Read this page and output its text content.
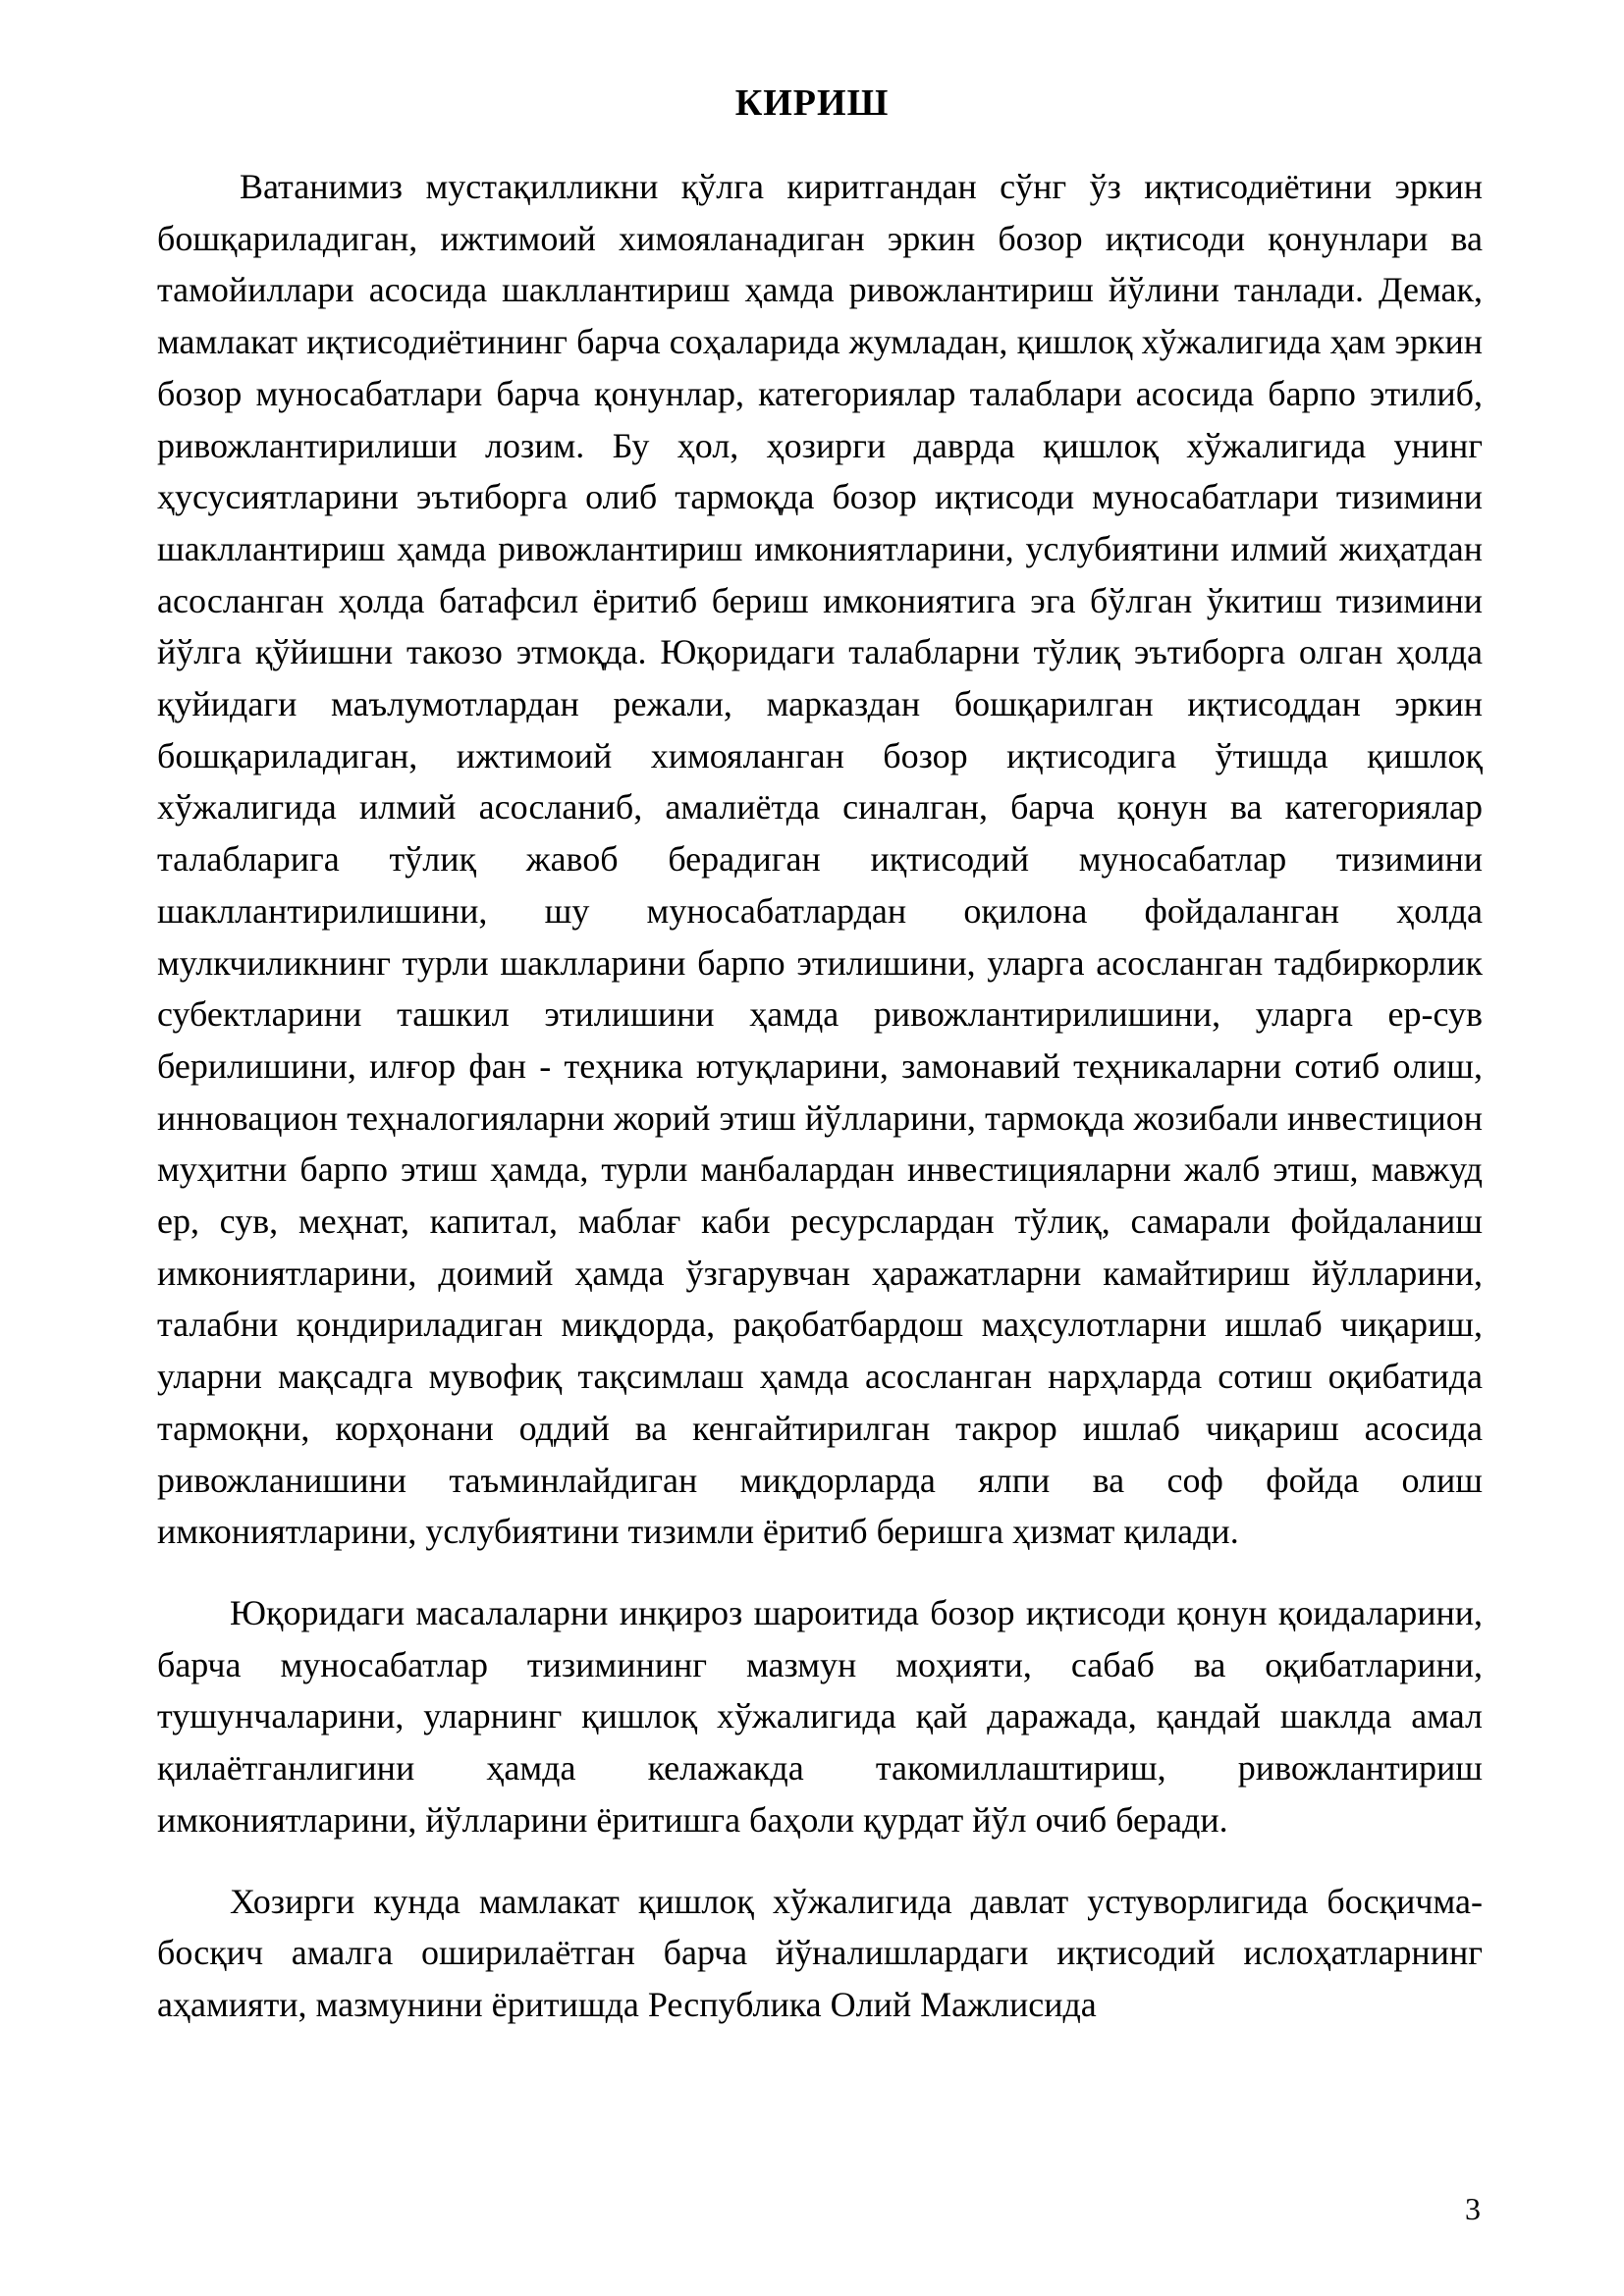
КИРИШ

Ватанимиз мустақилликни қўлга киритгандан сўнг ўз иқтисодиётини эркин бошқариладиган, ижтимоий химояланадиган эркин бозор иқтисоди қонунлари ва тамойиллари асосида шакллантириш ҳамда ривожлантириш йўлини танлади. Демак, мамлакат иқтисодиётининг барча соҳаларида жумладан, қишлоқ хўжалигида ҳам эркин бозор муносабатлари барча қонунлар, категориялар талаблари асосида барпо этилиб, ривожлантирилиши лозим. Бу ҳол, ҳозирги даврда қишлоқ хўжалигида унинг ҳусусиятларини эътиборга олиб тармоқда бозор иқтисоди муносабатлари тизимини шакллантириш ҳамда ривожлантириш имкониятларини, услубиятини илмий жиҳатдан асосланган ҳолда батафсил ёритиб бериш имкониятига эга бўлган ўкитиш тизимини йўлга қўйишни такозо этмоқда. Юқоридаги талабларни тўлиқ эътиборга олган ҳолда қуйидаги маълумотлардан режали, марказдан бошқарилган иқтисоддан эркин бошқариладиган, ижтимоий химояланган бозор иқтисодига ўтишда қишлоқ хўжалигида илмий асосланиб, амалиётда синалган, барча қонун ва категориялар талабларига тўлиқ жавоб берадиган иқтисодий муносабатлар тизимини шакллантирилишини, шу муносабатлардан оқилона фойдаланган ҳолда мулкчиликнинг турли шаклларини барпо этилишини, уларга асосланган тадбиркорлик субектларини ташкил этилишини ҳамда ривожлантирилишини, уларга ер-сув берилишини, илғор фан - теҳника ютуқларини, замонавий теҳникаларни сотиб олиш, инновацион теҳналогияларни жорий этиш йўлларини, тармоқда жозибали инвестицион муҳитни барпо этиш ҳамда, турли манбалардан инвестицияларни жалб этиш, мавжуд ер, сув, меҳнат, капитал, маблағ каби ресурслардан тўлиқ, самарали фойдаланиш имкониятларини, доимий ҳамда ўзгарувчан ҳаражатларни камайтириш йўлларини, талабни қондириладиган миқдорда, рақобатбардош маҳсулотларни ишлаб чиқариш, уларни мақсадга мувофиқ тақсимлаш ҳамда асосланган нарҳларда сотиш оқибатида тармоқни, корҳонани оддий ва кенгайтирилган такрор ишлаб чиқариш асосида ривожланишини таъминлайдиган миқдорларда ялпи ва соф фойда олиш имкониятларини, услубиятини тизимли ёритиб беришга ҳизмат қилади.

Юқоридаги масалаларни инқироз шароитида бозор иқтисоди қонун қоидаларини, барча муносабатлар тизимининг мазмун моҳияти, сабаб ва оқибатларини, тушунчаларини, уларнинг қишлоқ хўжалигида қай даражада, қандай шаклда амал қилаётганлигини ҳамда келажакда такомиллаштириш, ривожлантириш имкониятларини, йўлларини ёритишга баҳоли қурдат йўл очиб беради.

Хозирги кунда мамлакат қишлоқ хўжалигида давлат устуворлигида босқичма-босқич амалга оширилаётган барча йўналишлардаги иқтисодий ислоҳатларнинг аҳамияти, мазмунини ёритишда Республика Олий Мажлисида

3
